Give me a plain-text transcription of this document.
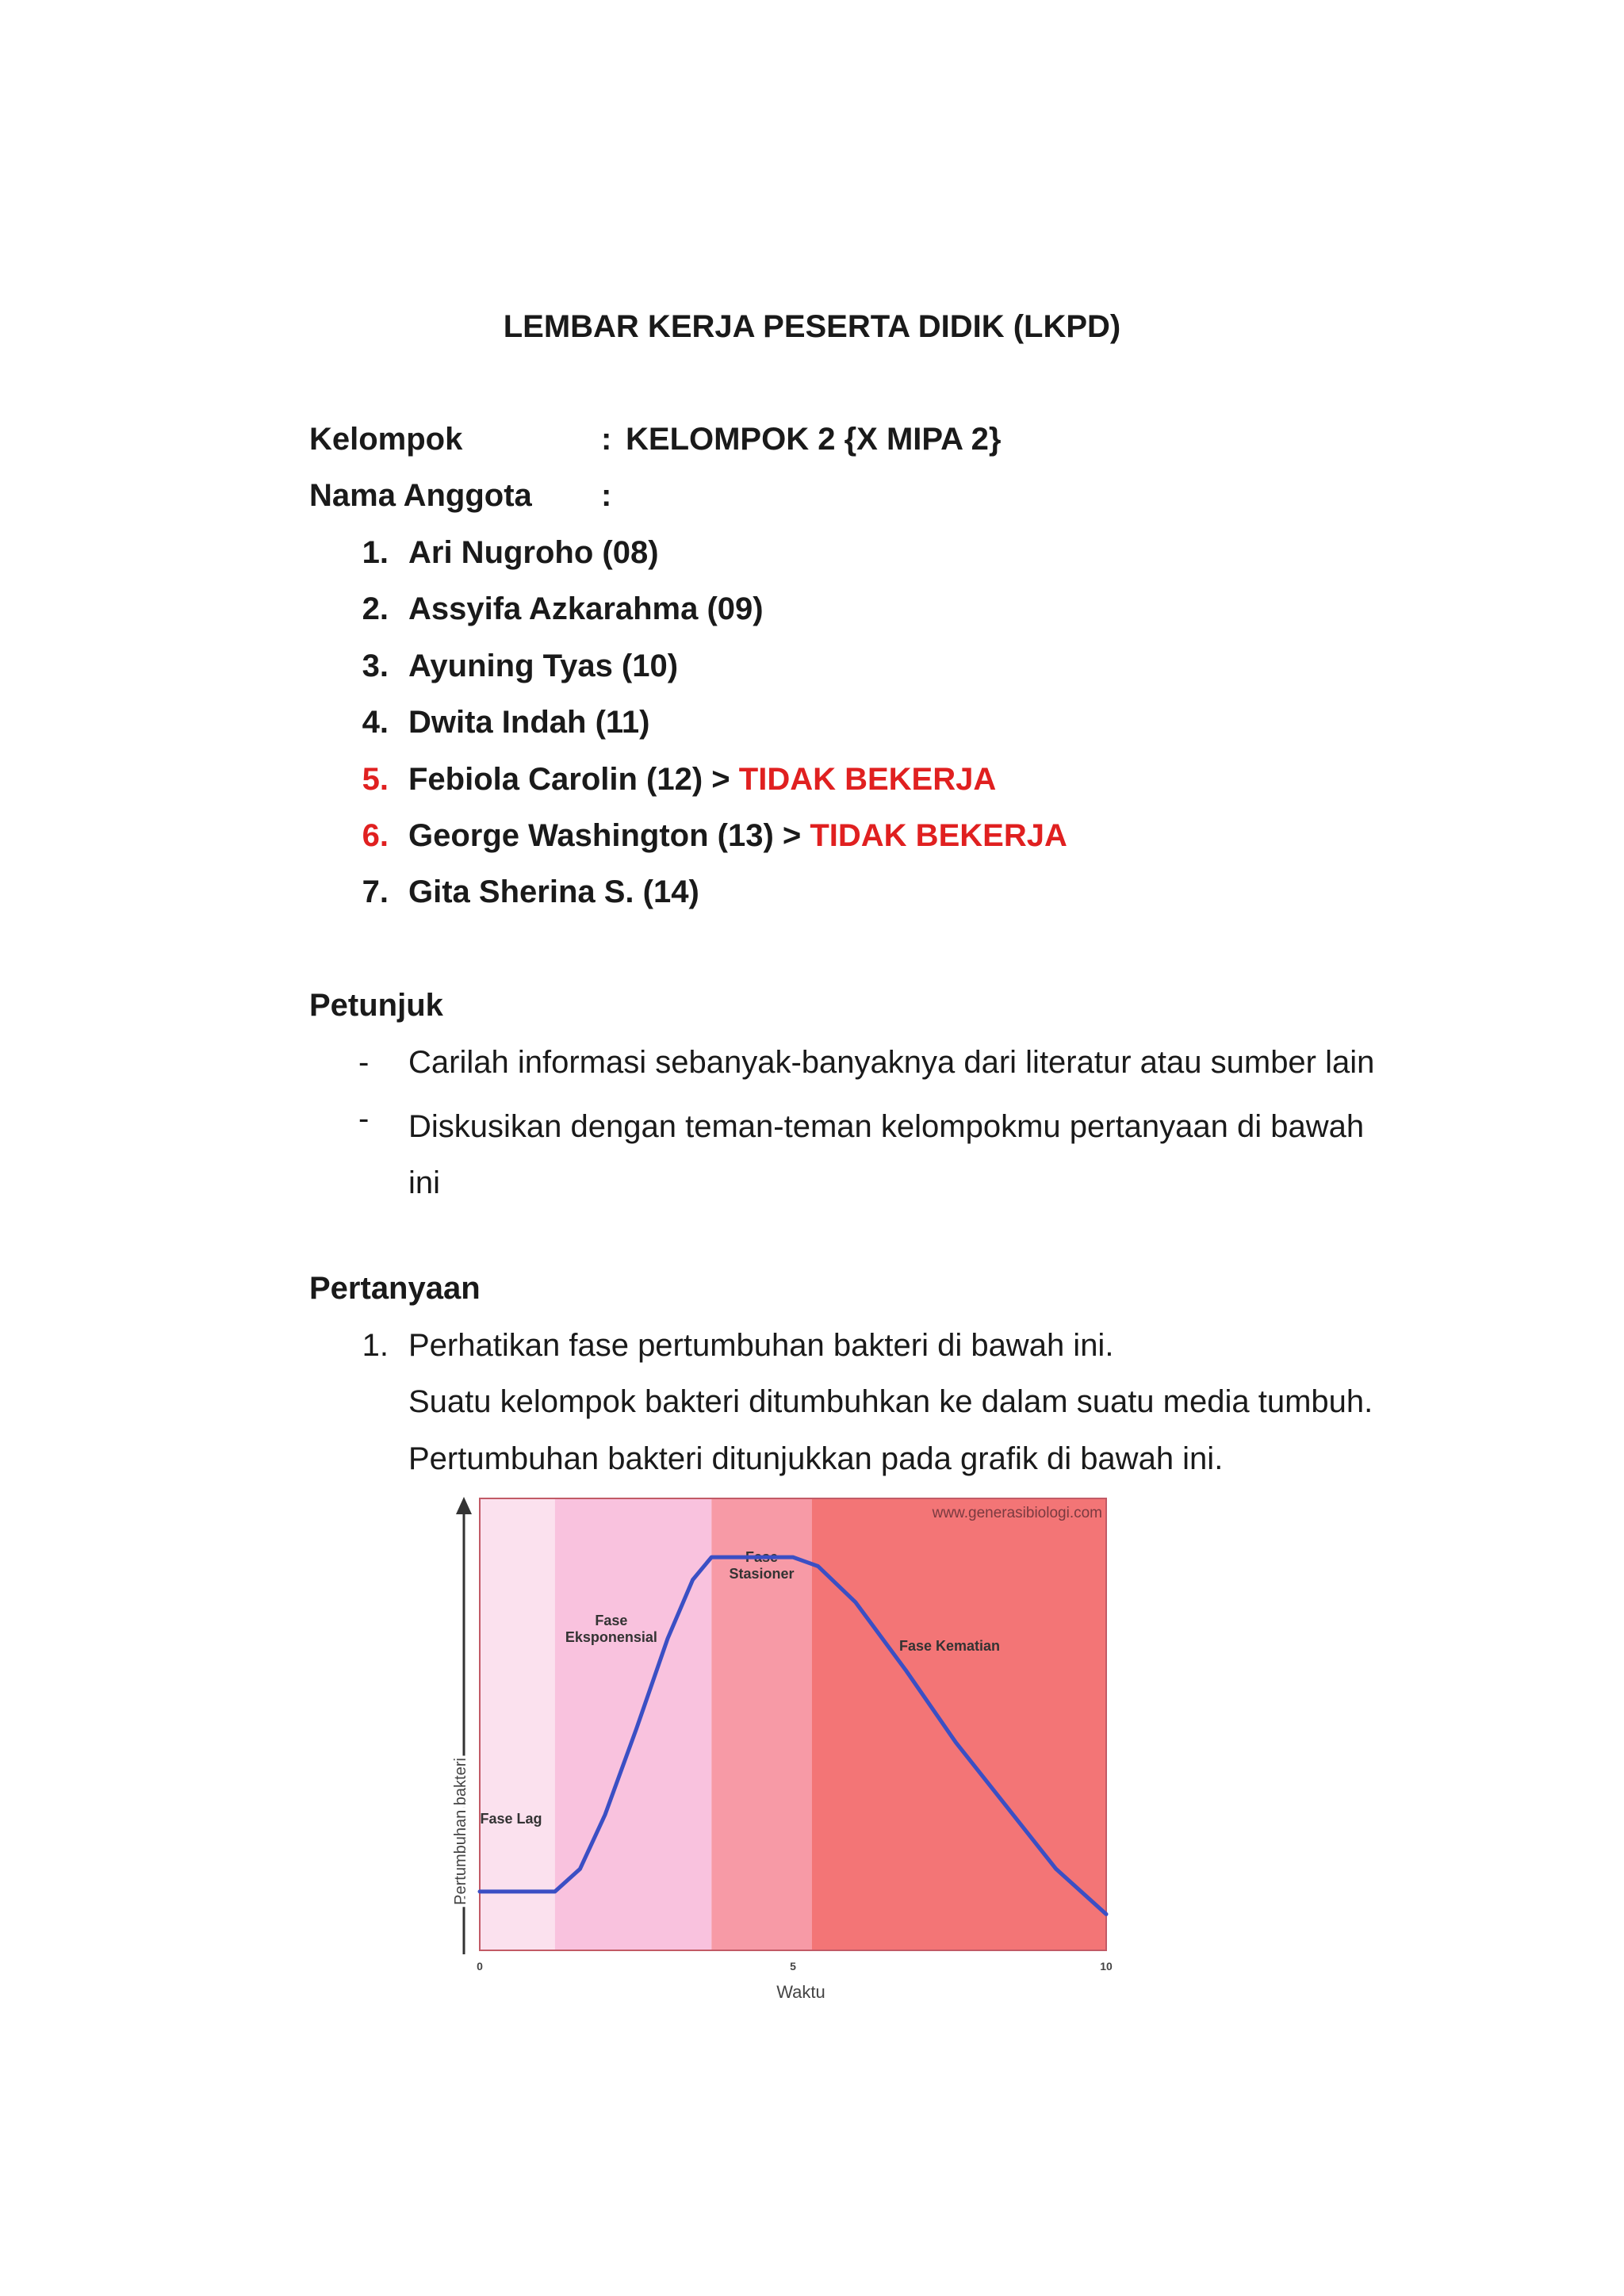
LEMBAR KERJA PESERTA DIDIK (LKPD)
Kelompok	: KELOMPOK 2 {X MIPA 2}
Nama Anggota :
1. Ari Nugroho (08)
2. Assyifa Azkarahma (09)
3. Ayuning Tyas (10)
4. Dwita Indah (11)
5. Febiola Carolin (12) > TIDAK BEKERJA
6. George Washington (13) > TIDAK BEKERJA
7. Gita Sherina S. (14)
Petunjuk
- Carilah informasi sebanyak-banyaknya dari literatur atau sumber lain
- Diskusikan dengan teman-teman kelompokmu pertanyaan di bawah ini
Pertanyaan
1. Perhatikan fase pertumbuhan bakteri di bawah ini.
Suatu kelompok bakteri ditumbuhkan ke dalam suatu media tumbuh.
Pertumbuhan bakteri ditunjukkan pada grafik di bawah ini.
www.generasibiologi.com
Fase Lag
Fase Eksponensial
Fase Stasioner
Fase Kematian
Pertumbuhan bakteri
0	5	10
Waktu
